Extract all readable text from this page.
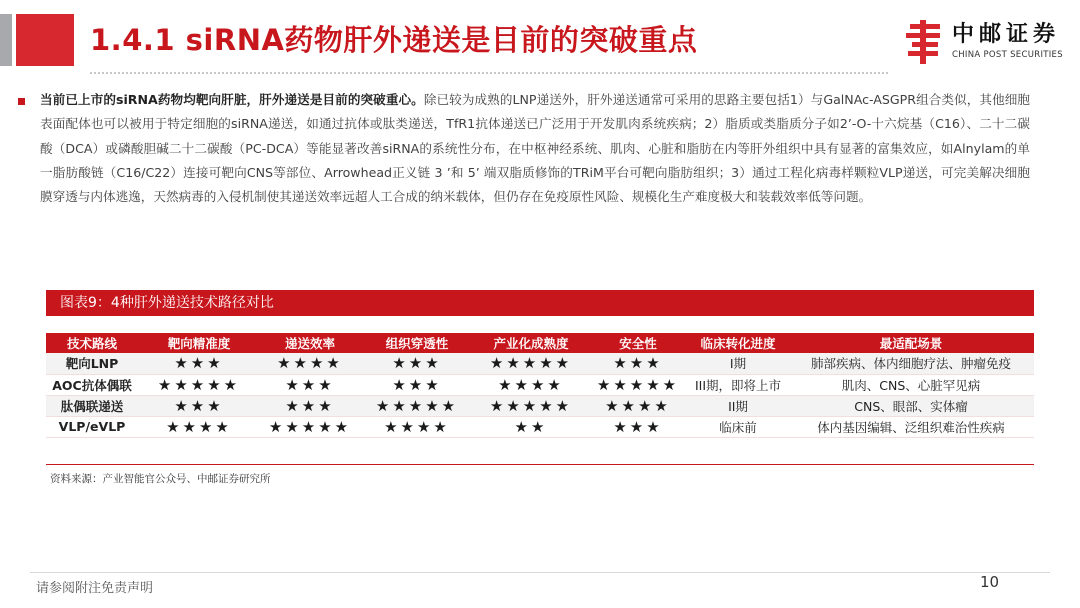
1.4.1 siRNA药物肝外递送是目前的突破重点	中邮证券
CHINA POST SECURITIES
当前已上市的siRNA药物均靶向肝脏，肝外递送是目前的突破重心。除已较为成熟的LNP递送外，肝外递送通常可采用的思路主要包括1）与GalNAc-ASGPR组合类似，其他细胞表面配体也可以被用于特定细胞的siRNA递送，如通过抗体或肽类递送，TfR1抗体递送已广泛用于开发肌肉系统疾病；2）脂质或类脂质分子如2’-O-十六烷基（C16）、二十二碳酸（DCA）或磷酸胆碱二十二碳酸（PC-DCA）等能显著改善siRNA的系统性分布，在中枢神经系统、肌肉、心脏和脂肪在内等肝外组织中具有显著的富集效应，如Alnylam的单一脂肪酸链（C16/C22）连接可靶向CNS等部位、Arrowhead正义链 3 ’和 5’ 端双脂质修饰的TRiM平台可靶向脂肪组织；3）通过工程化病毒样颗粒VLP递送，可完美解决细胞膜穿透与内体逃逸，天然病毒的入侵机制使其递送效率远超人工合成的纳米载体，但仍存在免疫原性风险、规模化生产难度极大和装载效率低等问题。
图表9：4种肝外递送技术路径对比
技术路线	靶向精准度	递送效率	组织穿透性	产业化成熟度	安全性	临床转化进度	最适配场景
靶向LNP	★★★	★★★★	★★★	★★★★★	★★★	I期	肺部疾病、体内细胞疗法、肿瘤免疫
AOC抗体偶联	★★★★★	★★★	★★★	★★★★	★★★★★	III期，即将上市	肌肉、CNS、心脏罕见病
肽偶联递送	★★★	★★★	★★★★★	★★★★★	★★★★	II期	CNS、眼部、实体瘤
VLP/eVLP	★★★★	★★★★★	★★★★	★★	★★★	临床前	体内基因编辑、泛组织难治性疾病
资料来源：产业智能官公众号、中邮证券研究所
请参阅附注免责声明	10
